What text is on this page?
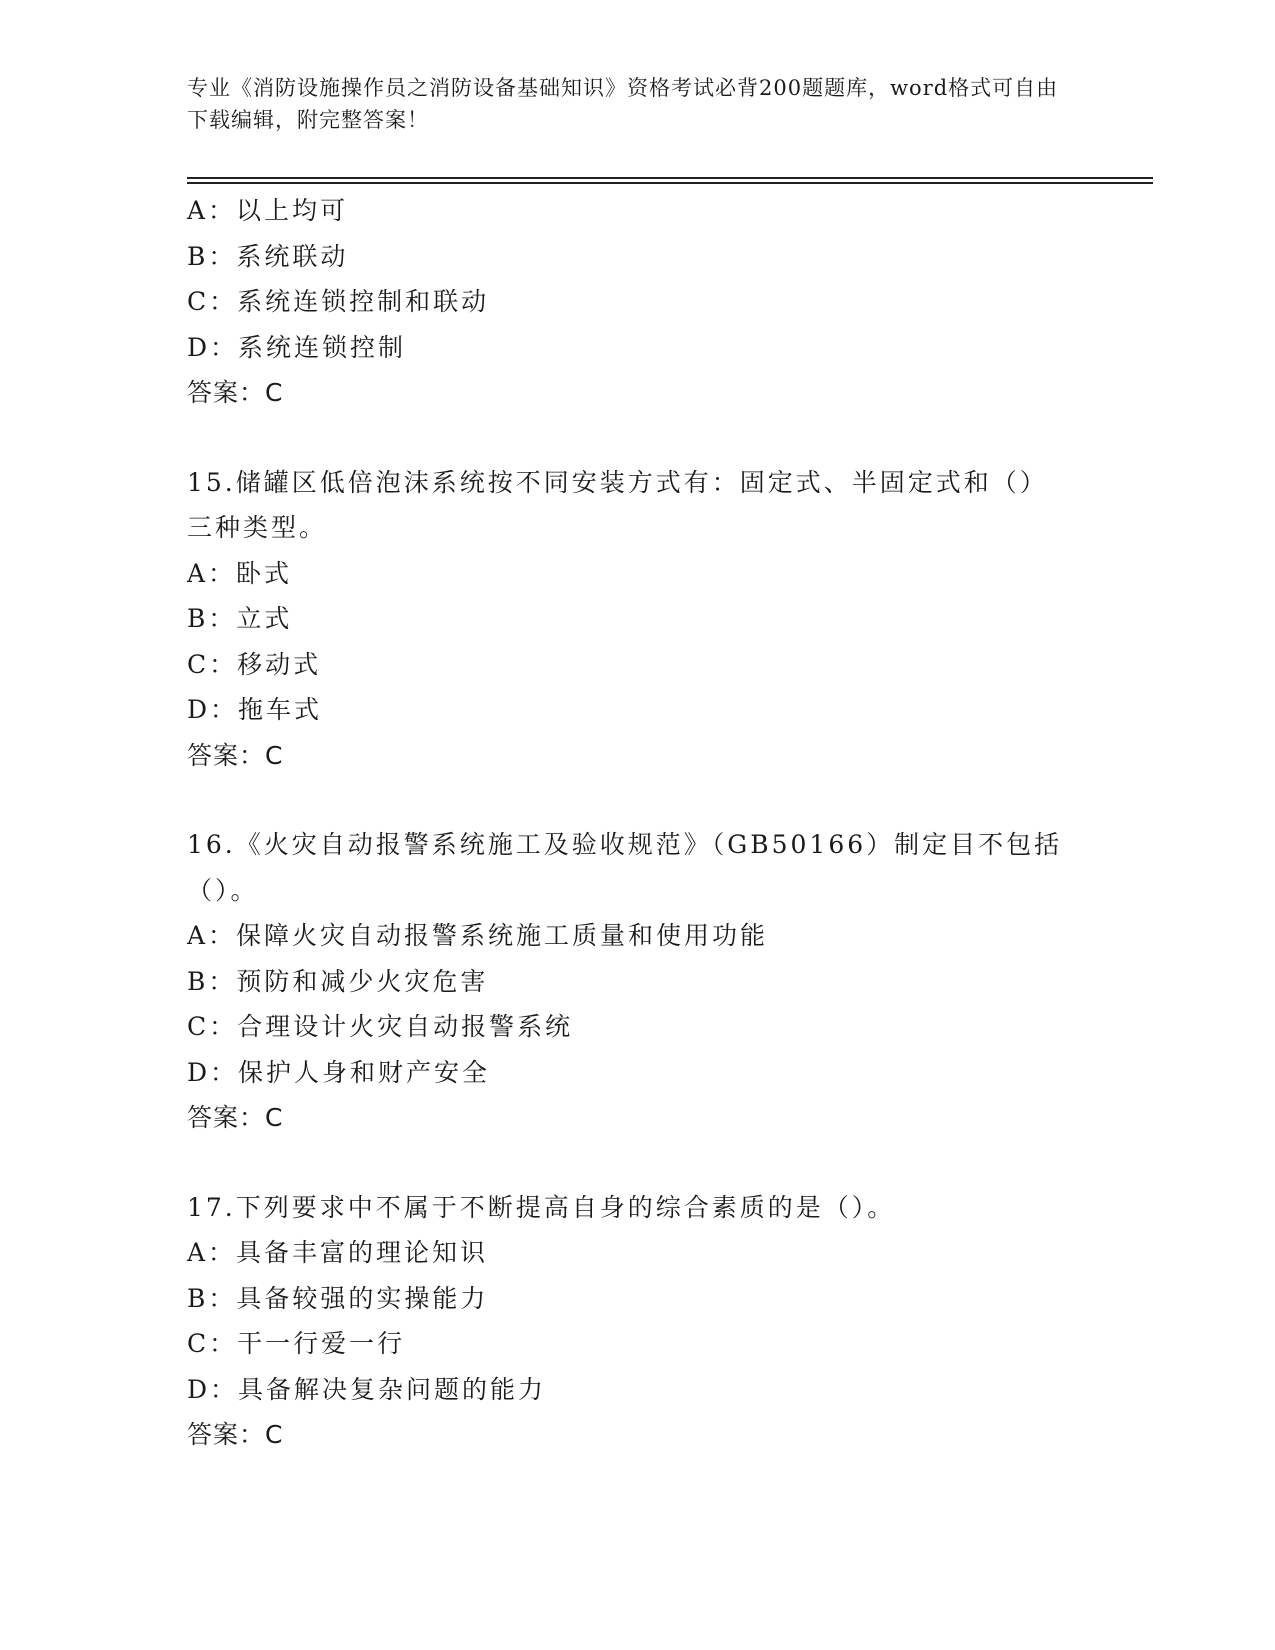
专业《消防设施操作员之消防设备基础知识》资格考试必背200题题库，word格式可自由下载编辑，附完整答案！
A：以上均可
B：系统联动
C：系统连锁控制和联动
D：系统连锁控制
答案：C
15.储罐区低倍泡沫系统按不同安装方式有：固定式、半固定式和（）三种类型。
A：卧式
B：立式
C：移动式
D：拖车式
答案：C
16.《火灾自动报警系统施工及验收规范》（GB50166）制定目不包括（）。
A：保障火灾自动报警系统施工质量和使用功能
B：预防和减少火灾危害
C：合理设计火灾自动报警系统
D：保护人身和财产安全
答案：C
17.下列要求中不属于不断提高自身的综合素质的是（）。
A：具备丰富的理论知识
B：具备较强的实操能力
C：干一行爱一行
D：具备解决复杂问题的能力
答案：C
